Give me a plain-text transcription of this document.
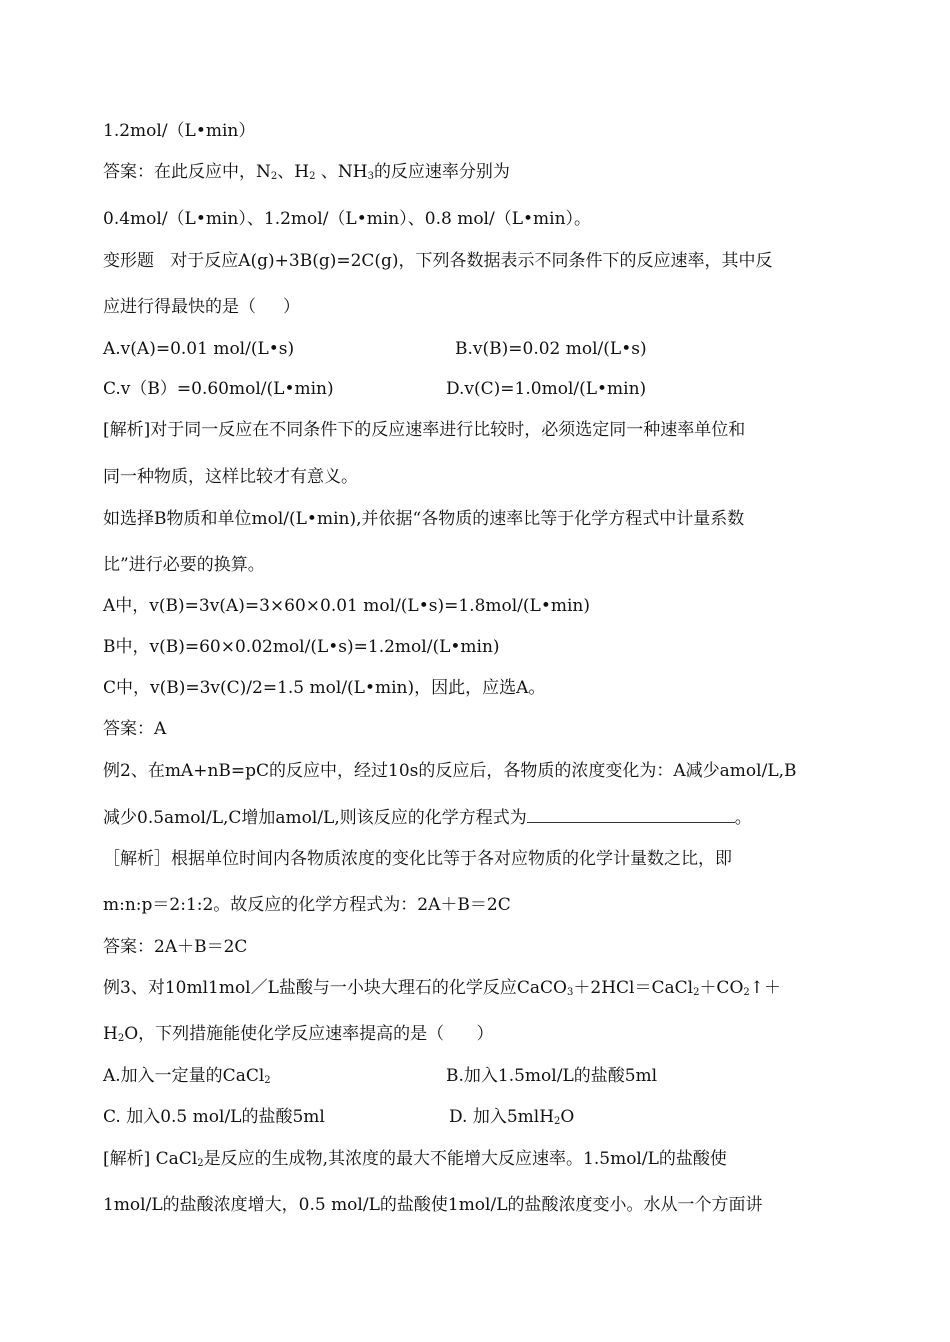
1.2mol/（L•min）
答案：在此反应中，$N_2$、$H_2$ 、$NH_3$的反应速率分别为
0.4mol/（L•min）、1.2mol/（L•min）、0.8 mol/（L•min）。
变形题   对于反应A(g)+3B(g)=2C(g)，下列各数据表示不同条件下的反应速率，其中反
应进行得最快的是（     ）
A.v(A)=0.01 mol/(L•s)	B.v(B)=0.02 mol/(L•s)
C.v（B）=0.60mol/(L•min)	D.v(C)=1.0mol/(L•min)
[解析]对于同一反应在不同条件下的反应速率进行比较时，必须选定同一种速率单位和
同一种物质，这样比较才有意义。
如选择B物质和单位mol/(L•min),并依据“各物质的速率比等于化学方程式中计量系数
比”进行必要的换算。
A中，v(B)=3v(A)=3×60×0.01 mol/(L•s)=1.8mol/(L•min)
B中，v(B)=60×0.02mol/(L•s)=1.2mol/(L•min)
C中，v(B)=3v(C)/2=1.5 mol/(L•min)，因此，应选A。
答案：A
例2、在mA+nB=pC的反应中，经过10s的反应后，各物质的浓度变化为：A减少amol/L,B
减少0.5amol/L,C增加amol/L,则该反应的化学方程式为	。
［解析］根据单位时间内各物质浓度的变化比等于各对应物质的化学计量数之比，即
m:n:p＝2:1:2。故反应的化学方程式为：2A＋B＝2C
答案：2A＋B＝2C
例3、对10ml1mol／L盐酸与一小块大理石的化学反应$CaCO_3+2HCl=CaCl_2+CO_2↑+$
$H_2O$，下列措施能使化学反应速率提高的是（      ）
A.加入一定量的CaCl$_2$	B.加入1.5mol/L的盐酸5ml
C. 加入0.5 mol/L的盐酸5ml	D. 加入5mlH$_2$O
[解析] CaCl$_2$是反应的生成物,其浓度的最大不能增大反应速率。1.5mol/L的盐酸使
1mol/L的盐酸浓度增大，0.5 mol/L的盐酸使1mol/L的盐酸浓度变小。水从一个方面讲
